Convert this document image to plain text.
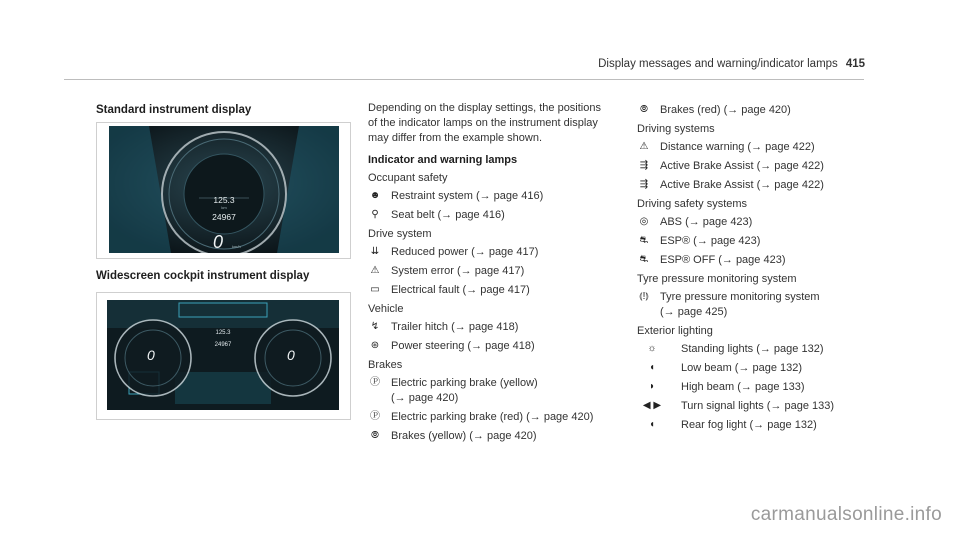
Display messages and warning/indicator lamps 415
Standard instrument display
125.3
km
24967
0 km/h
Widescreen cockpit instrument display
125.3
24967
0	0
Depending on the display settings, the positions
of the indicator lamps on the instrument display
may differ from the example shown.
Indicator and warning lamps
Occupant safety
☻ Restraint system (→ page 416)
⚲	Seat belt (→ page 416)
Drive system
⇊ Reduced power (→ page 417)
⚠ System error (→ page 417)
▭ Electrical fault (→ page 417)
Vehicle
↯ Trailer hitch (→ page 418)
⊛ Power steering (→ page 418)
Brakes
Ⓟ Electric parking brake (yellow)
(→ page 420)
Ⓟ Electric parking brake (red) (→ page 420)
⦾ Brakes (yellow) (→ page 420)
⦾ Brakes (red) (→ page 420)
Driving systems
⚠ Distance warning (→ page 422)
⇶ Active Brake Assist (→ page 422)
⇶ Active Brake Assist (→ page 422)
Driving safety systems
◎ ABS (→ page 423)
⛐ ESP® (→ page 423)
⛐ ESP® OFF (→ page 423)
Tyre pressure monitoring system
⦅!⦆ Tyre pressure monitoring system
(→ page 425)
Exterior lighting
☼	Standing lights (→ page 132)
◖	Low beam (→ page 132)
◗	High beam (→ page 133)
◀ ▶	Turn signal lights (→ page 133)
◖	Rear fog light (→ page 132)
carmanualsonline.info
